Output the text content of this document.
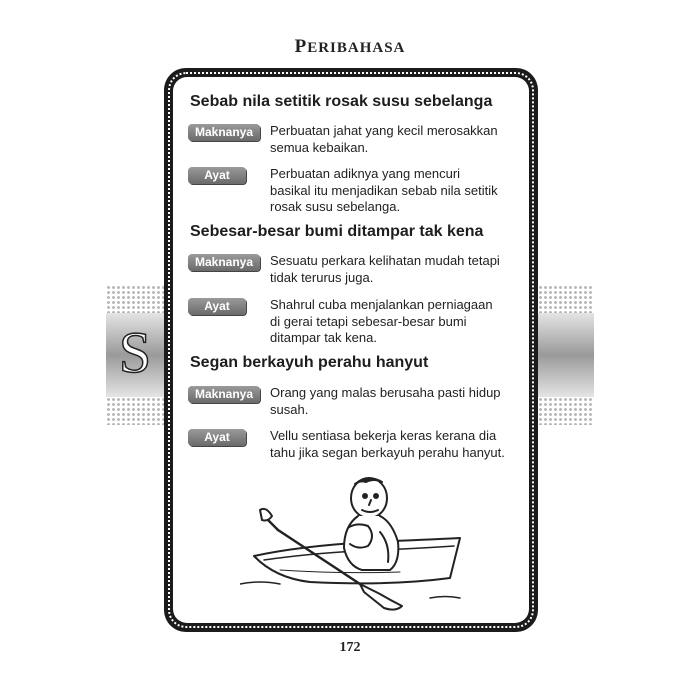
PERIBAHASA
S
Sebab nila setitik rosak susu sebelanga
Maknanya	Perbuatan jahat yang kecil merosakkan
semua kebaikan.
Ayat	Perbuatan adiknya yang mencuri
basikal itu menjadikan sebab nila setitik
rosak susu sebelanga.
Sebesar-besar bumi ditampar tak kena
Maknanya	Sesuatu perkara kelihatan mudah tetapi
tidak terurus juga.
Ayat	Shahrul cuba menjalankan perniagaan
di gerai tetapi sebesar-besar bumi
ditampar tak kena.
Segan berkayuh perahu hanyut
Maknanya	Orang yang malas berusaha pasti hidup
susah.
Ayat	Vellu sentiasa bekerja keras kerana dia
tahu jika segan berkayuh perahu hanyut.
172
